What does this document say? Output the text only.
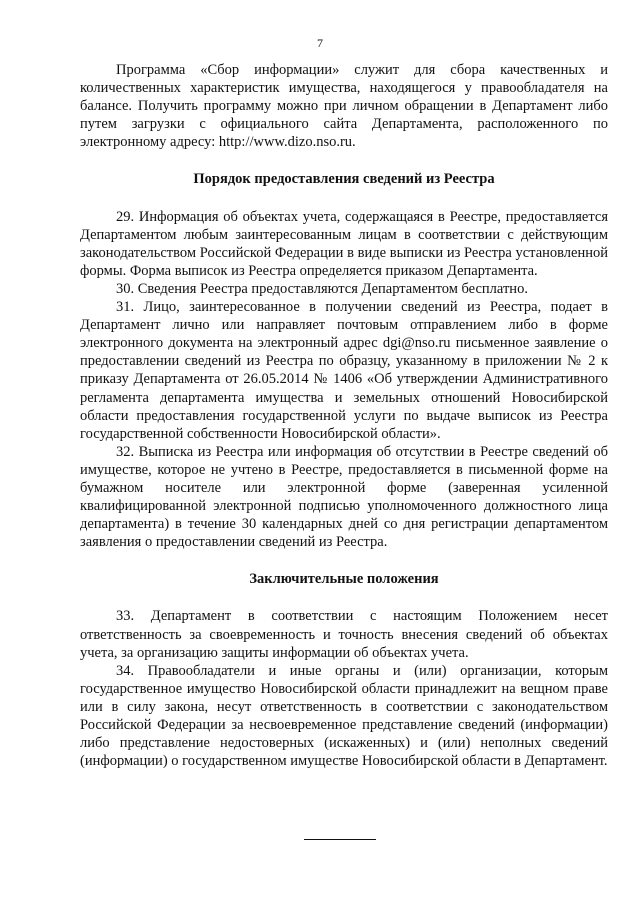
7

Программа «Сбор информации» служит для сбора качественных и количественных характеристик имущества, находящегося у правообладателя на балансе. Получить программу можно при личном обращении в Департамент либо путем загрузки с официального сайта Департамента, расположенного по электронному адресу: http://www.dizo.nso.ru.

Порядок предоставления сведений из Реестра

29. Информация об объектах учета, содержащаяся в Реестре, предоставляется Департаментом любым заинтересованным лицам в соответствии с действующим законодательством Российской Федерации в виде выписки из Реестра установленной формы. Форма выписок из Реестра определяется приказом Департамента.

30. Сведения Реестра предоставляются Департаментом бесплатно.

31. Лицо, заинтересованное в получении сведений из Реестра, подает в Департамент лично или направляет почтовым отправлением либо в форме электронного документа на электронный адрес dgi@nso.ru письменное заявление о предоставлении сведений из Реестра по образцу, указанному в приложении № 2 к приказу Департамента от 26.05.2014 № 1406 «Об утверждении Административного регламента департамента имущества и земельных отношений Новосибирской области предоставления государственной услуги по выдаче выписок из Реестра государственной собственности Новосибирской области».

32. Выписка из Реестра или информация об отсутствии в Реестре сведений об имуществе, которое не учтено в Реестре, предоставляется в письменной форме на бумажном носителе или электронной форме (заверенная усиленной квалифицированной электронной подписью уполномоченного должностного лица департамента) в течение 30 календарных дней со дня регистрации департаментом заявления о предоставлении сведений из Реестра.

Заключительные положения

33. Департамент в соответствии с настоящим Положением несет ответственность за своевременность и точность внесения сведений об объектах учета, за организацию защиты информации об объектах учета.

34. Правообладатели и иные органы и (или) организации, которым государственное имущество Новосибирской области принадлежит на вещном праве или в силу закона, несут ответственность в соответствии с законодательством Российской Федерации за несвоевременное представление сведений (информации) либо представление недостоверных (искаженных) и (или) неполных сведений (информации) о государственном имуществе Новосибирской области в Департамент.
